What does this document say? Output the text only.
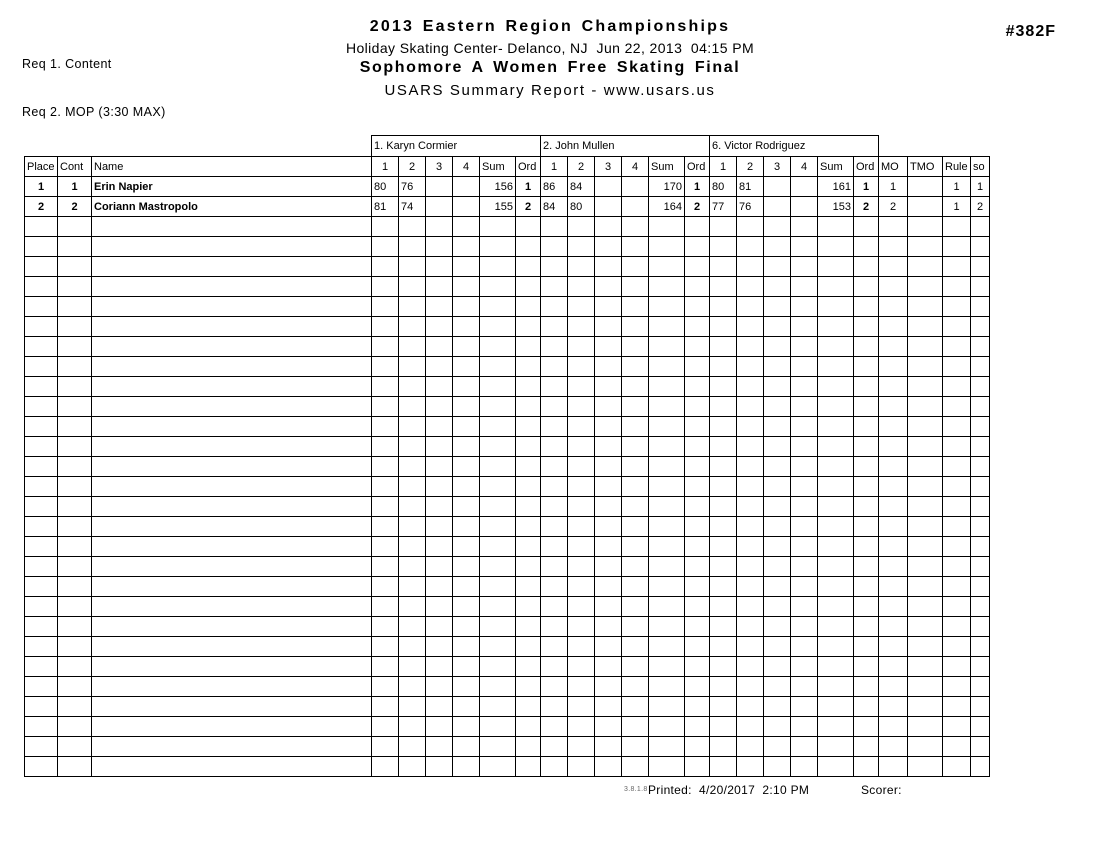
Req 1. Content

Req 2. MOP (3:30 MAX)

2013 Eastern Region Championships
Holiday Skating Center- Delanco, NJ  Jun 22, 2013  04:15 PM
Sophomore A Women Free Skating Final
USARS Summary Report - www.usars.us
#382F
			1. Karyn Cormier						2. John Mullen						6. Victor Rodriguez									
Place	Cont	Name	1	2	3	4	Sum	Ord	1	2	3	4	Sum	Ord	1	2	3	4	Sum	Ord	MO	TMO	Rule	so
1	1	Erin Napier	80	76			156	1	86	84			170	1	80	81			161	1	1		1	1
2	2	Coriann Mastropolo	81	74			155	2	84	80			164	2	77	76			153	2	2		1	2

3.8.1.8 Printed:  4/20/2017  2:10 PM	Scorer:
